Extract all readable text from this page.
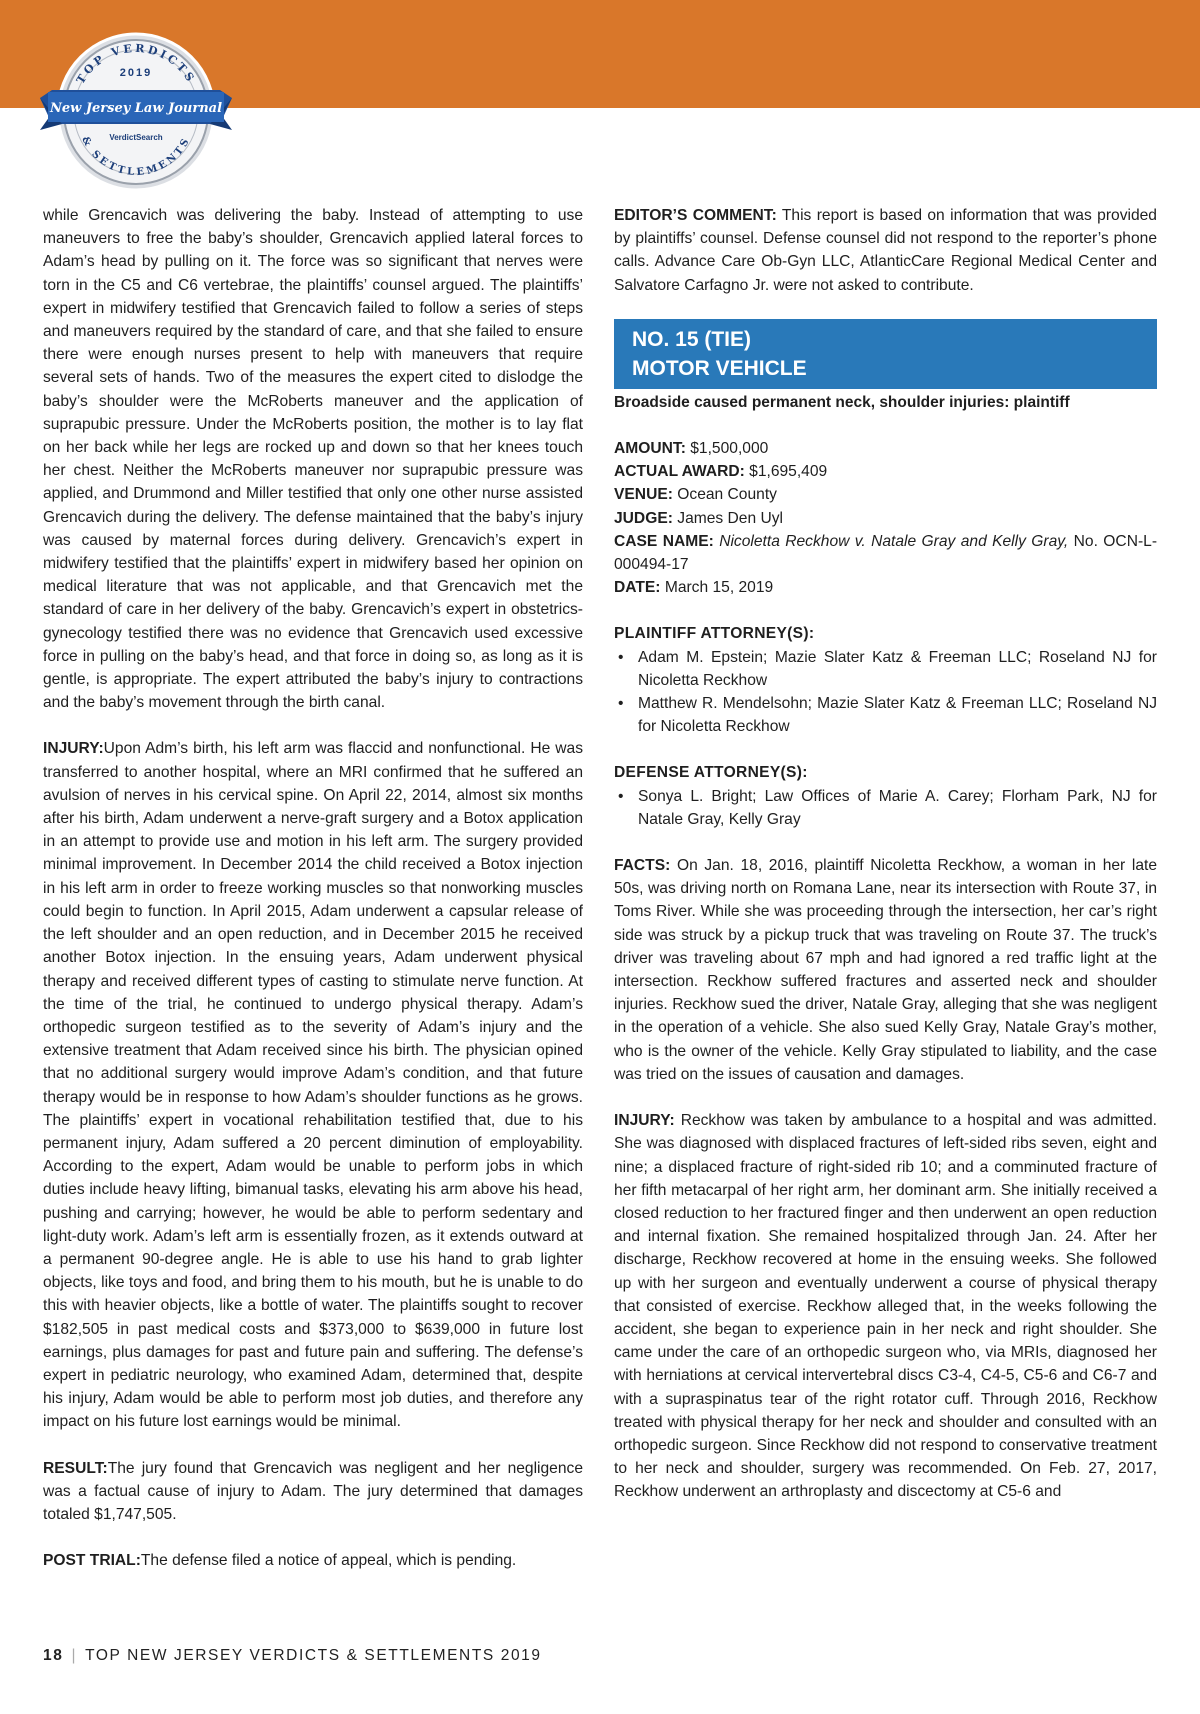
TOP VERDICTS
& SETTLEMENTS
2019
New Jersey Law Journal
VerdictSearch

while Grencavich was delivering the baby. Instead of attempting to use maneuvers to free the baby’s shoulder, Grencavich applied lateral forces to Adam’s head by pulling on it. The force was so significant that nerves were torn in the C5 and C6 vertebrae, the plaintiffs’ counsel argued. The plaintiffs’ expert in midwifery testified that Grencavich failed to follow a series of steps and maneuvers required by the standard of care, and that she failed to ensure there were enough nurses present to help with maneuvers that require several sets of hands. Two of the measures the expert cited to dislodge the baby’s shoulder were the McRoberts maneuver and the application of suprapubic pressure. Under the McRoberts position, the mother is to lay flat on her back while her legs are rocked up and down so that her knees touch her chest. Neither the McRoberts maneuver nor suprapubic pressure was applied, and Drummond and Miller testified that only one other nurse assisted Grencavich during the delivery. The defense maintained that the baby’s injury was caused by maternal forces during delivery. Grencavich’s expert in midwifery testified that the plaintiffs’ expert in midwifery based her opinion on medical literature that was not applicable, and that Grencavich met the standard of care in her delivery of the baby. Grencavich’s expert in obstetrics-gynecology testified there was no evidence that Grencavich used excessive force in pulling on the baby’s head, and that force in doing so, as long as it is gentle, is appropriate. The expert attributed the baby’s injury to contractions and the baby’s movement through the birth canal.

INJURY:Upon Adm’s birth, his left arm was flaccid and nonfunctional. He was transferred to another hospital, where an MRI confirmed that he suffered an avulsion of nerves in his cervical spine. On April 22, 2014, almost six months after his birth, Adam underwent a nerve-graft surgery and a Botox application in an attempt to provide use and motion in his left arm. The surgery provided minimal improvement. In December 2014 the child received a Botox injection in his left arm in order to freeze working muscles so that nonworking muscles could begin to function. In April 2015, Adam underwent a capsular release of the left shoulder and an open reduction, and in December 2015 he received another Botox injection. In the ensuing years, Adam underwent physical therapy and received different types of casting to stimulate nerve function. At the time of the trial, he continued to undergo physical therapy. Adam’s orthopedic surgeon testified as to the severity of Adam’s injury and the extensive treatment that Adam received since his birth. The physician opined that no additional surgery would improve Adam’s condition, and that future therapy would be in response to how Adam’s shoulder functions as he grows. The plaintiffs’ expert in vocational rehabilitation testified that, due to his permanent injury, Adam suffered a 20 percent diminution of employability. According to the expert, Adam would be unable to perform jobs in which duties include heavy lifting, bimanual tasks, elevating his arm above his head, pushing and carrying; however, he would be able to perform sedentary and light-duty work. Adam’s left arm is essentially frozen, as it extends outward at a permanent 90-degree angle. He is able to use his hand to grab lighter objects, like toys and food, and bring them to his mouth, but he is unable to do this with heavier objects, like a bottle of water. The plaintiffs sought to recover $182,505 in past medical costs and $373,000 to $639,000 in future lost earnings, plus damages for past and future pain and suffering. The defense’s expert in pediatric neurology, who examined Adam, determined that, despite his injury, Adam would be able to perform most job duties, and therefore any impact on his future lost earnings would be minimal.

RESULT:The jury found that Grencavich was negligent and her negligence was a factual cause of injury to Adam. The jury determined that damages totaled $1,747,505.

POST TRIAL:The defense filed a notice of appeal, which is pending.

EDITOR’S COMMENT: This report is based on information that was provided by plaintiffs’ counsel. Defense counsel did not respond to the reporter’s phone calls. Advance Care Ob-Gyn LLC, AtlanticCare Regional Medical Center and Salvatore Carfagno Jr. were not asked to contribute.

NO. 15 (TIE)
MOTOR VEHICLE

Broadside caused permanent neck, shoulder injuries: plaintiff

AMOUNT: $1,500,000

ACTUAL AWARD: $1,695,409

VENUE: Ocean County

JUDGE: James Den Uyl

CASE NAME: Nicoletta Reckhow v. Natale Gray and Kelly Gray, No. OCN-L-000494-17

DATE: March 15, 2019

PLAINTIFF ATTORNEY(S):

• Adam M. Epstein; Mazie Slater Katz & Freeman LLC; Roseland NJ for Nicoletta Reckhow
• Matthew R. Mendelsohn; Mazie Slater Katz & Freeman LLC; Roseland NJ for Nicoletta Reckhow

DEFENSE ATTORNEY(S):

• Sonya L. Bright; Law Offices of Marie A. Carey; Florham Park, NJ for Natale Gray, Kelly Gray

FACTS: On Jan. 18, 2016, plaintiff Nicoletta Reckhow, a woman in her late 50s, was driving north on Romana Lane, near its intersection with Route 37, in Toms River. While she was proceeding through the intersection, her car’s right side was struck by a pickup truck that was traveling on Route 37. The truck’s driver was traveling about 67 mph and had ignored a red traffic light at the intersection. Reckhow suffered fractures and asserted neck and shoulder injuries. Reckhow sued the driver, Natale Gray, alleging that she was negligent in the operation of a vehicle. She also sued Kelly Gray, Natale Gray’s mother, who is the owner of the vehicle. Kelly Gray stipulated to liability, and the case was tried on the issues of causation and damages.

INJURY: Reckhow was taken by ambulance to a hospital and was admitted. She was diagnosed with displaced fractures of left-sided ribs seven, eight and nine; a displaced fracture of right-sided rib 10; and a comminuted fracture of her fifth metacarpal of her right arm, her dominant arm. She initially received a closed reduction to her fractured finger and then underwent an open reduction and internal fixation. She remained hospitalized through Jan. 24. After her discharge, Reckhow recovered at home in the ensuing weeks. She followed up with her surgeon and eventually underwent a course of physical therapy that consisted of exercise. Reckhow alleged that, in the weeks following the accident, she began to experience pain in her neck and right shoulder. She came under the care of an orthopedic surgeon who, via MRIs, diagnosed her with herniations at cervical intervertebral discs C3-4, C4-5, C5-6 and C6-7 and with a supraspinatus tear of the right rotator cuff. Through 2016, Reckhow treated with physical therapy for her neck and shoulder and consulted with an orthopedic surgeon. Since Reckhow did not respond to conservative treatment to her neck and shoulder, surgery was recommended. On Feb. 27, 2017, Reckhow underwent an arthroplasty and discectomy at C5-6 and

18 | TOP NEW JERSEY VERDICTS & SETTLEMENTS 2019
